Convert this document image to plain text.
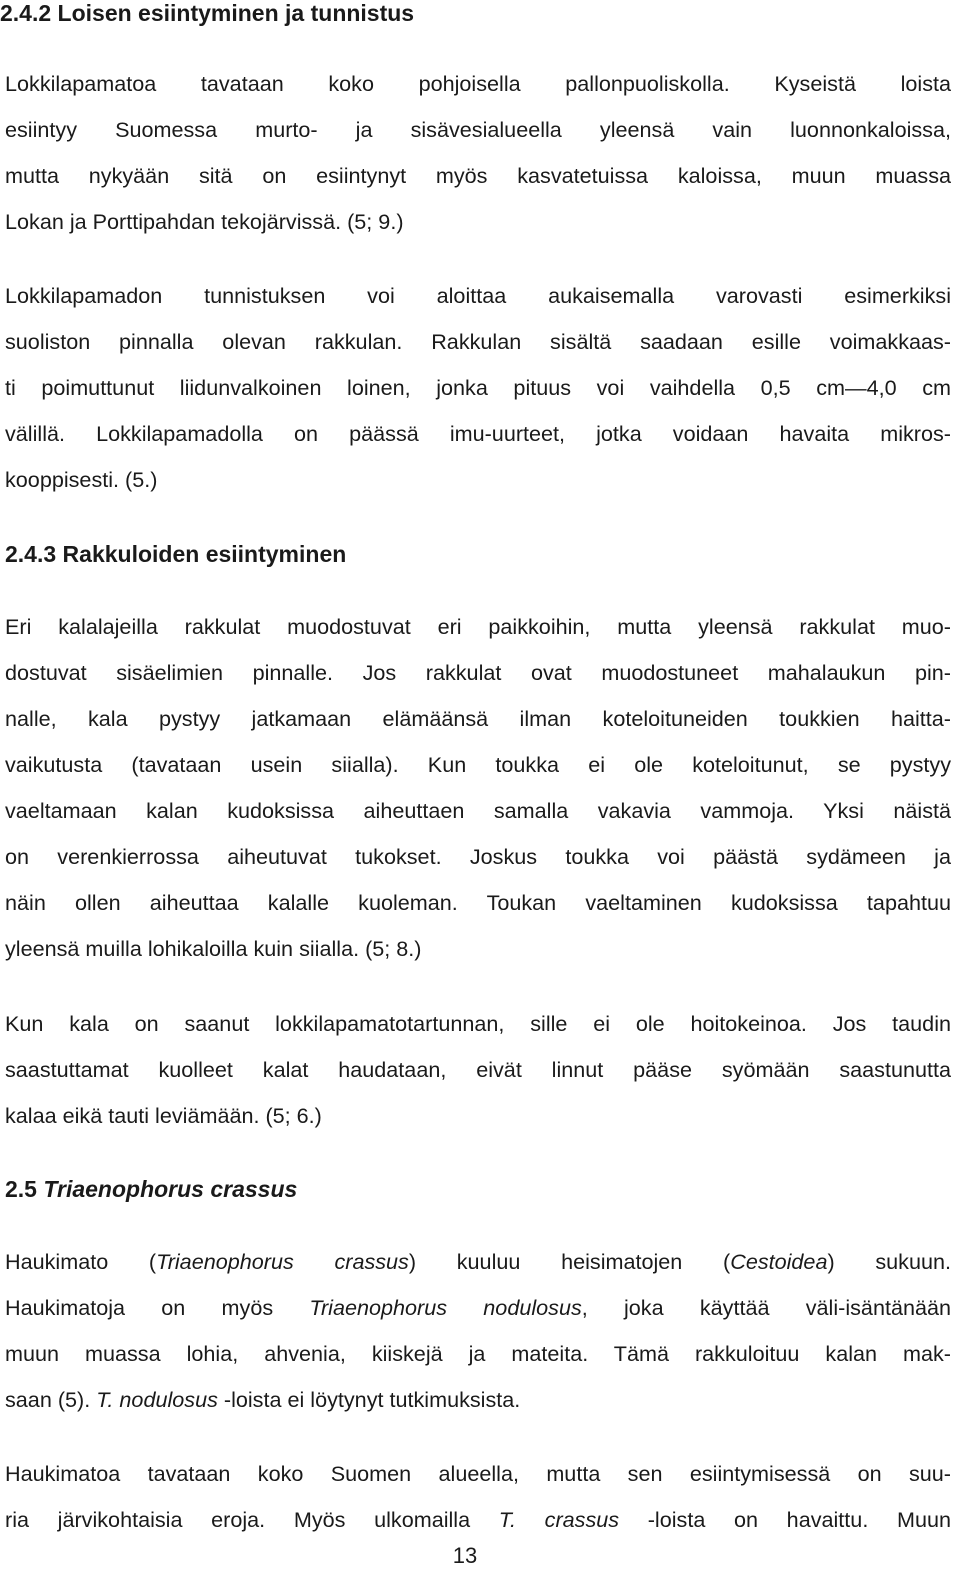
2.4.2 Loisen esiintyminen ja tunnistus

Lokkilapamatoa tavataan koko pohjoisella pallonpuoliskolla. Kyseistä loista
esiintyy Suomessa murto- ja sisävesialueella yleensä vain luonnonkaloissa,
mutta nykyään sitä on esiintynyt myös kasvatetuissa kaloissa, muun muassa
Lokan ja Porttipahdan tekojärvissä. (5; 9.)

Lokkilapamadon tunnistuksen voi aloittaa aukaisemalla varovasti esimerkiksi
suoliston pinnalla olevan rakkulan. Rakkulan sisältä saadaan esille voimakkaas-
ti poimuttunut liidunvalkoinen loinen, jonka pituus voi vaihdella 0,5 cm—4,0 cm
välillä. Lokkilapamadolla on päässä imu-uurteet, jotka voidaan havaita mikros-
kooppisesti. (5.)

2.4.3 Rakkuloiden esiintyminen

Eri kalalajeilla rakkulat muodostuvat eri paikkoihin, mutta yleensä rakkulat muo-
dostuvat sisäelimien pinnalle. Jos rakkulat ovat muodostuneet mahalaukun pin-
nalle, kala pystyy jatkamaan elämäänsä ilman koteloituneiden toukkien haitta-
vaikutusta (tavataan usein siialla). Kun toukka ei ole koteloitunut, se pystyy
vaeltamaan kalan kudoksissa aiheuttaen samalla vakavia vammoja. Yksi näistä
on verenkierrossa aiheutuvat tukokset. Joskus toukka voi päästä sydämeen ja
näin ollen aiheuttaa kalalle kuoleman. Toukan vaeltaminen kudoksissa tapahtuu
yleensä muilla lohikaloilla kuin siialla. (5; 8.)

Kun kala on saanut lokkilapamatotartunnan, sille ei ole hoitokeinoa. Jos taudin
saastuttamat kuolleet kalat haudataan, eivät linnut pääse syömään saastunutta
kalaa eikä tauti leviämään. (5; 6.)

2.5 Triaenophorus crassus

Haukimato (Triaenophorus crassus) kuuluu heisimatojen (Cestoidea) sukuun.
Haukimatoja on myös Triaenophorus nodulosus, joka käyttää väli-isäntänään
muun muassa lohia, ahvenia, kiiskejä ja mateita. Tämä rakkuloituu kalan mak-
saan (5). T. nodulosus -loista ei löytynyt tutkimuksista.

Haukimatoa tavataan koko Suomen alueella, mutta sen esiintymisessä on suu-
ria järvikohtaisia eroja. Myös ulkomailla T. crassus -loista on havaittu. Muun

13
